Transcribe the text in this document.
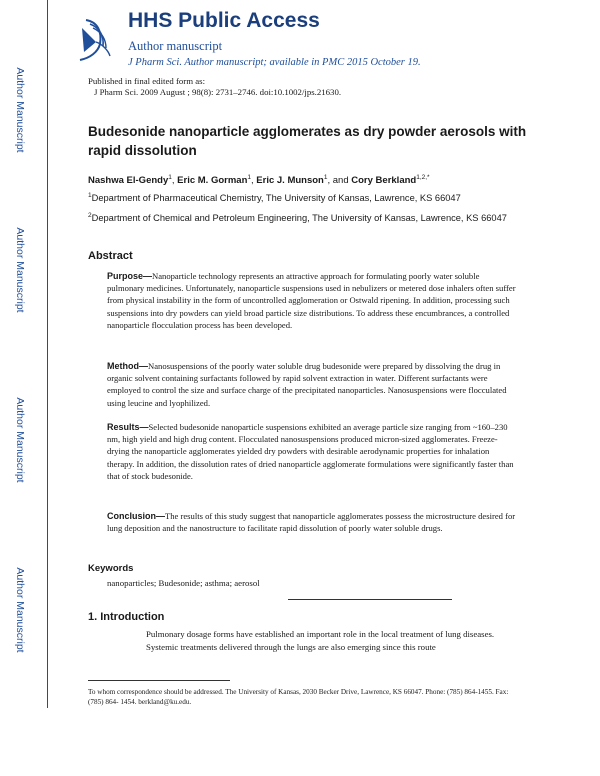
Author Manuscript
Author Manuscript
Author Manuscript
Author Manuscript
HHS Public Access
Author manuscript
J Pharm Sci. Author manuscript; available in PMC 2015 October 19.
Published in final edited form as:
J Pharm Sci. 2009 August ; 98(8): 2731–2746. doi:10.1002/jps.21630.
Budesonide nanoparticle agglomerates as dry powder aerosols with rapid dissolution
Nashwa El-Gendy$^1$, Eric M. Gorman$^1$, Eric J. Munson$^1$, and Cory Berkland$^{1,2,*}$
$^1$Department of Pharmaceutical Chemistry, The University of Kansas, Lawrence, KS 66047
$^2$Department of Chemical and Petroleum Engineering, The University of Kansas, Lawrence, KS 66047
Abstract
Purpose—Nanoparticle technology represents an attractive approach for formulating poorly water soluble pulmonary medicines. Unfortunately, nanoparticle suspensions used in nebulizers or metered dose inhalers often suffer from physical instability in the form of uncontrolled agglomeration or Ostwald ripening. In addition, processing such suspensions into dry powders can yield broad particle size distributions. To address these encumbrances, a controlled nanoparticle flocculation process has been developed.
Method—Nanosuspensions of the poorly water soluble drug budesonide were prepared by dissolving the drug in organic solvent containing surfactants followed by rapid solvent extraction in water. Different surfactants were employed to control the size and surface charge of the precipitated nanoparticles. Nanosuspensions were flocculated using leucine and lyophilized.
Results—Selected budesonide nanoparticle suspensions exhibited an average particle size ranging from ~160–230 nm, high yield and high drug content. Flocculated nanosuspensions produced micron-sized agglomerates. Freeze-drying the nanoparticle agglomerates yielded dry powders with desirable aerodynamic properties for inhalation therapy. In addition, the dissolution rates of dried nanoparticle agglomerate formulations were significantly faster than that of stock budesonide.
Conclusion—The results of this study suggest that nanoparticle agglomerates possess the microstructure desired for lung deposition and the nanostructure to facilitate rapid dissolution of poorly water soluble drugs.
Keywords
nanoparticles; Budesonide; asthma; aerosol
1. Introduction
Pulmonary dosage forms have established an important role in the local treatment of lung diseases. Systemic treatments delivered through the lungs are also emerging since this route
To whom correspondence should be addressed. The University of Kansas, 2030 Becker Drive, Lawrence, KS 66047. Phone: (785) 864-1455. Fax: (785) 864- 1454. berkland@ku.edu.
